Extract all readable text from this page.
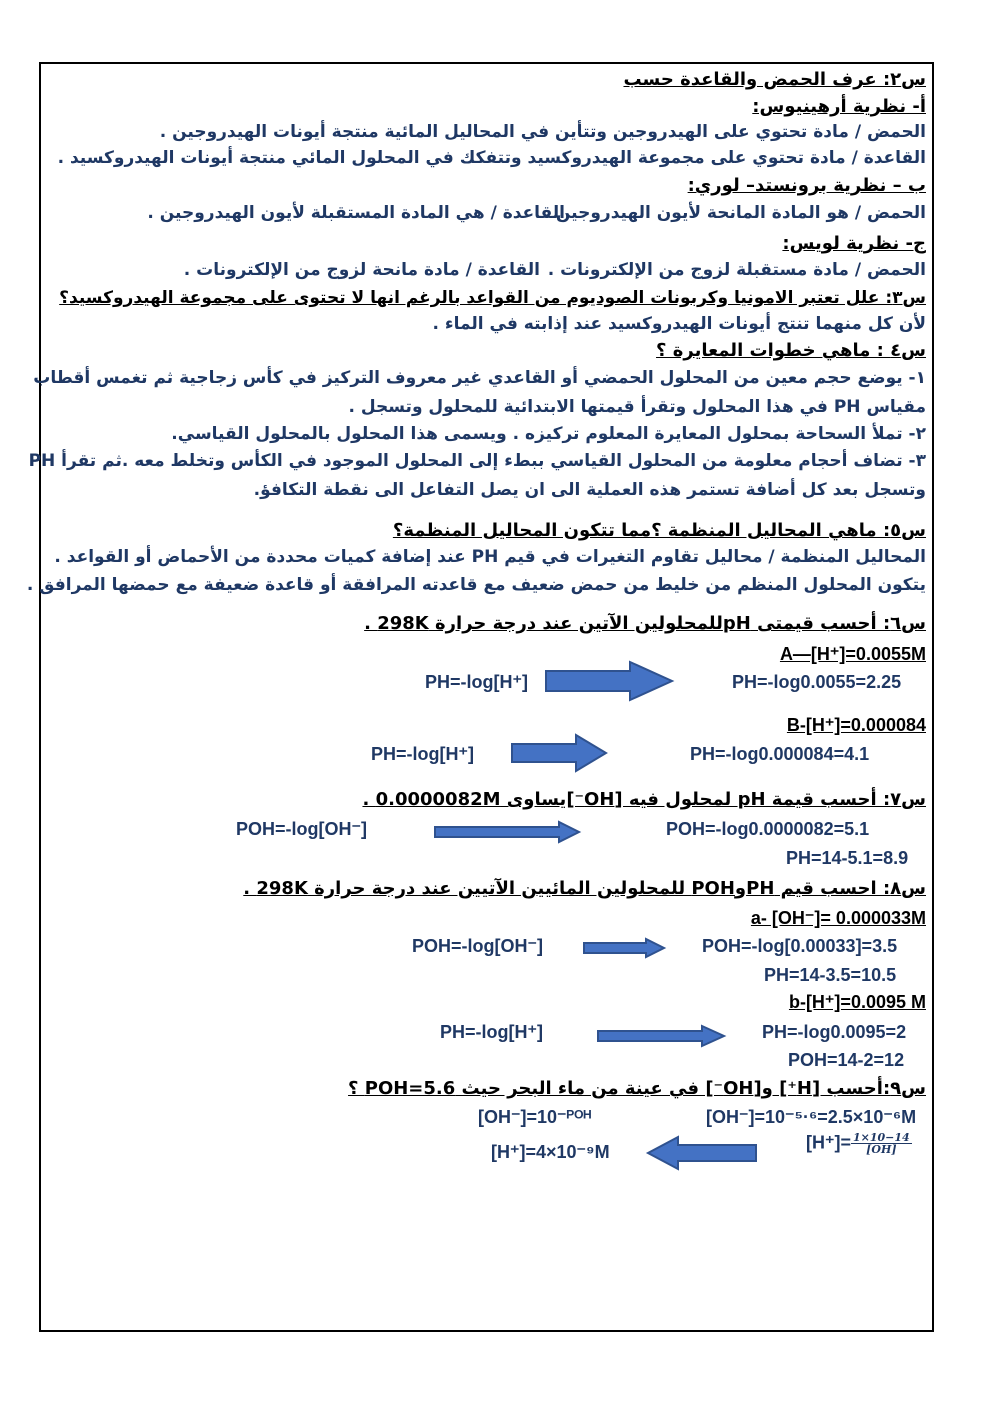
س٢: عرف الحمض والقاعدة حسب
أ- نظرية أرهينيوس:
الحمض / مادة تحتوي على الهيدروجين وتتأين في المحاليل المائية منتجة أيونات الهيدروجين .
القاعدة / مادة تحتوي على مجموعة الهيدروكسيد وتتفكك في المحلول المائي منتجة أيونات الهيدروكسيد .
ب – نظرية برونستد– لوري:
الحمض / هو المادة المانحة لأيون الهيدروجين .
القاعدة / هي المادة المستقبلة لأيون الهيدروجين .
ج- نظرية لويس:
الحمض / مادة مستقبلة لزوج من الإلكترونات .
القاعدة / مادة مانحة لزوج من الإلكترونات .
س٣: علل تعتبر الامونيا وكربونات الصوديوم من القواعد بالرغم انها لا تحتوى على مجموعة الهيدروكسيد؟
لأن كل منهما تنتج أيونات الهيدروكسيد عند إذابته في الماء .
س٤ : ماهي خطوات المعايرة ؟
١- يوضع حجم معين من المحلول الحمضي أو القاعدي غير معروف التركيز في كأس زجاجية ثم تغمس أقطاب
مقياس PH في هذا المحلول وتقرأ قيمتها الابتدائية للمحلول وتسجل .
٢- تملأ السحاحة بمحلول المعايرة المعلوم تركيزه . ويسمى هذا المحلول بالمحلول القياسي.
٣- تضاف أحجام معلومة من المحلول القياسي ببطء إلى المحلول الموجود في الكأس وتخلط معه .ثم تقرأ PH
وتسجل بعد كل أضافة تستمر هذه العملية الى ان يصل التفاعل الى نقطة التكافؤ.
س٥: ماهي المحاليل المنظمة ؟مما تتكون المحاليل المنظمة؟
المحاليل المنظمة / محاليل تقاوم التغيرات في قيم PH عند إضافة كميات محددة من الأحماض أو القواعد .
يتكون المحلول المنظم من خليط من حمض ضعيف مع قاعدته المرافقة أو قاعدة ضعيفة مع حمضها المرافق .
س٦: أحسب قيمتى pHللمحلولين الآتين عند درجة حرارة 298K .
A—[H⁺]=0.0055M
PH=-log[H⁺]	PH=-log0.0055=2.25
B-[H⁺]=0.000084
PH=-log[H⁺]	PH=-log0.000084=4.1
س٧: أحسب قيمة pH لمحلول فيه [OH⁻]يساوى 0.0000082M .
POH=-log[OH⁻]	POH=-log0.0000082=5.1
PH=14-5.1=8.9
س٨: احسب قيم PHوPOH للمحلولين المائيين الآتيين عند درجة حرارة 298K .
a- [OH⁻]= 0.000033M
POH=-log[OH⁻]	POH=-log[0.00033]=3.5
PH=14-3.5=10.5
b-[H⁺]=0.0095 M
PH=-log[H⁺]	PH=-log0.0095=2
POH=14-2=12
س٩:أحسب [H⁺] و[OH⁻] في عينة من ماء البحر حيث POH=5.6 ؟
[OH⁻]=10⁻ᴾᴼᴴ	[OH⁻]=10⁻⁵·⁶=2.5×10⁻⁶M
[H⁺]=4×10⁻⁹M	$[H^+]= \frac{1\times 10-14}{[OH]}$
